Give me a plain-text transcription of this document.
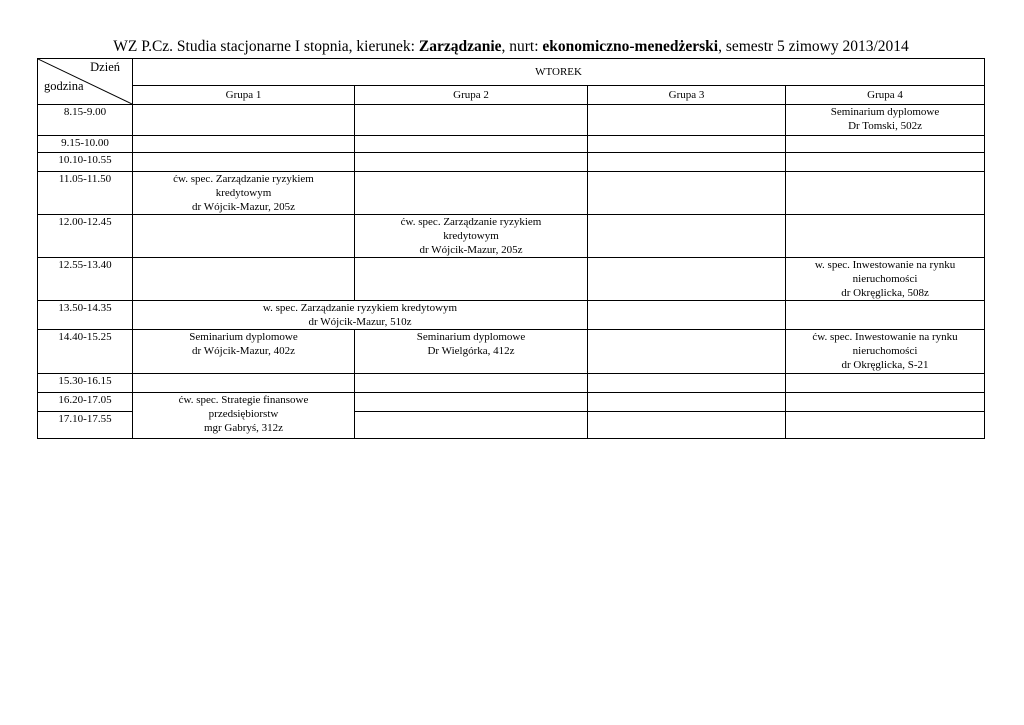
WZ P.Cz. Studia stacjonarne I stopnia, kierunek: Zarządzanie, nurt: ekonomiczno-menedżerski, semestr 5 zimowy 2013/2014
Dzień
godzina	WTOREK			
	Grupa 1	Grupa 2	Grupa 3	Grupa 4
8.15-9.00				Seminarium dyplomowe
Dr Tomski, 502z

9.15-10.00				
10.10-10.55				
11.05-11.50	ćw. spec. Zarządzanie ryzykiem
kredytowym
dr Wójcik-Mazur, 205z			

12.00-12.45		ćw. spec. Zarządzanie ryzykiem
kredytowym
dr Wójcik-Mazur, 205z		

12.55-13.40				w. spec. Inwestowanie na rynku
nieruchomości
dr Okręglicka, 508z

13.50-14.35	w. spec. Zarządzanie ryzykiem kredytowym
dr Wójcik-Mazur, 510z			

14.40-15.25	Seminarium dyplomowe
dr Wójcik-Mazur, 402z	Seminarium dyplomowe
Dr Wielgórka, 412z		ćw. spec. Inwestowanie na rynku
nieruchomości
dr Okręglicka, S-21

15.30-16.15				
16.20-17.05	ćw. spec. Strategie finansowe
przedsiębiorstw
mgr Gabryś, 312z			

17.10-17.55				
